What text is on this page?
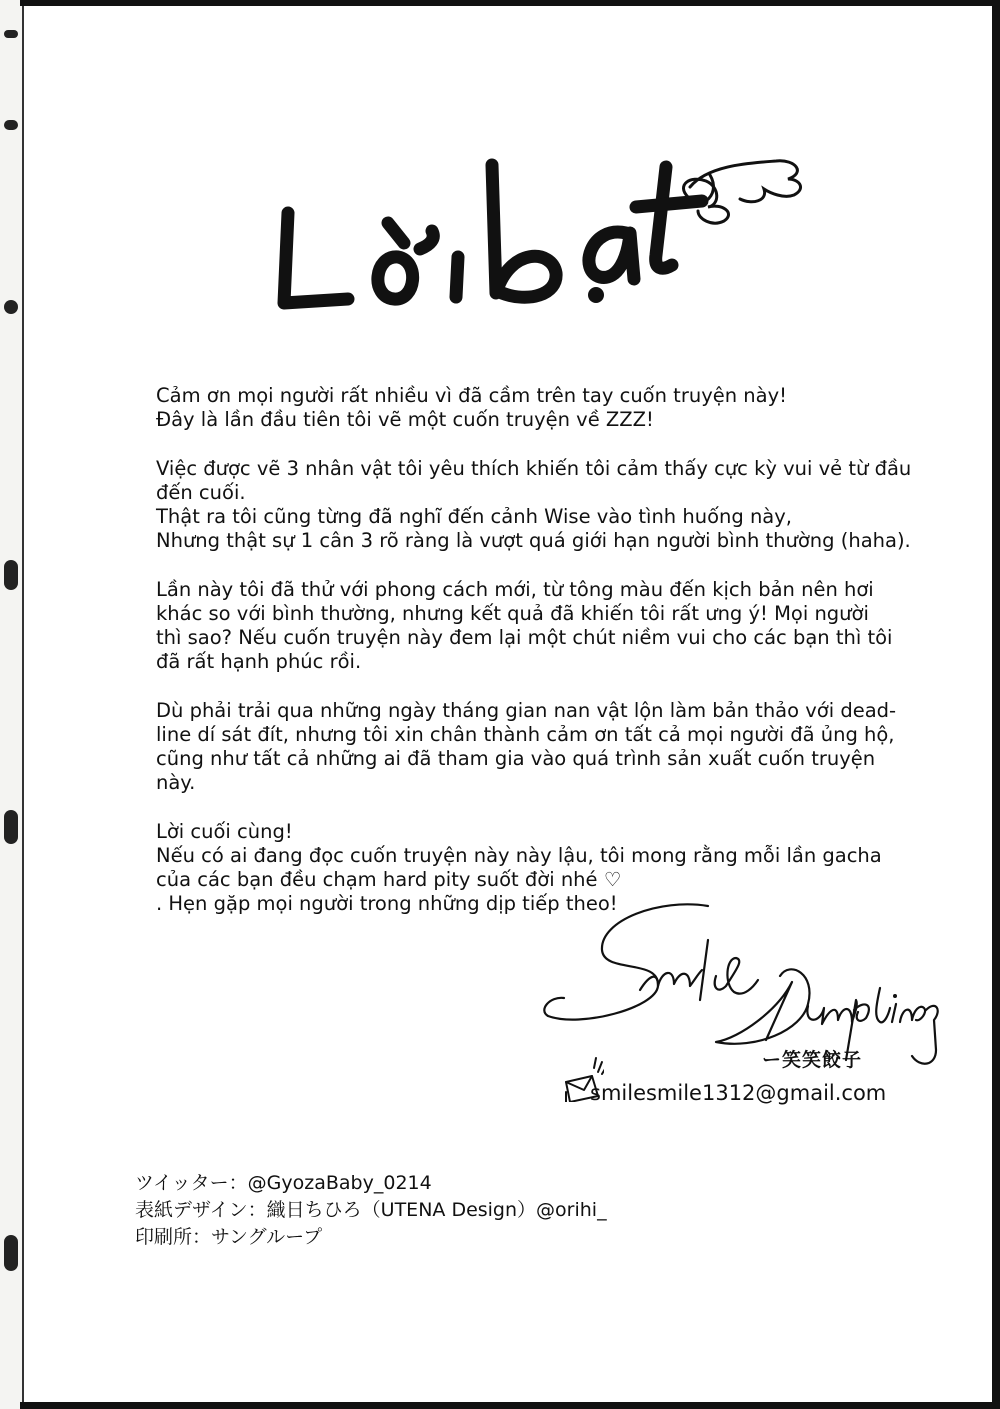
Cảm ơn mọi người rất nhiều vì đã cầm trên tay cuốn truyện này!
Đây là lần đầu tiên tôi vẽ một cuốn truyện về ZZZ!
Việc được vẽ 3 nhân vật tôi yêu thích khiến tôi cảm thấy cực kỳ vui vẻ từ đầu
đến cuối.
Thật ra tôi cũng từng đã nghĩ đến cảnh Wise vào tình huống này,
Nhưng thật sự 1 cân 3 rõ ràng là vượt quá giới hạn người bình thường (haha).
Lần này tôi đã thử với phong cách mới, từ tông màu đến kịch bản nên hơi
khác so với bình thường, nhưng kết quả đã khiến tôi rất ưng ý! Mọi người
thì sao? Nếu cuốn truyện này đem lại một chút niềm vui cho các bạn thì tôi
đã rất hạnh phúc rồi.
Dù phải trải qua những ngày tháng gian nan vật lộn làm bản thảo với dead-
line dí sát đít, nhưng tôi xin chân thành cảm ơn tất cả mọi người đã ủng hộ,
cũng như tất cả những ai đã tham gia vào quá trình sản xuất cuốn truyện
này.
Lời cuối cùng!
Nếu có ai đang đọc cuốn truyện này này lậu, tôi mong rằng mỗi lần gacha
của các bạn đều chạm hard pity suốt đời nhé ♡
. Hẹn gặp mọi người trong những dịp tiếp theo!
ー笑笑餃子
smilesmile1312@gmail.com
ツイッター：@GyozaBaby_0214
表紙デザイン：織日ちひろ（UTENA Design）@orihi_
印刷所：サングループ
